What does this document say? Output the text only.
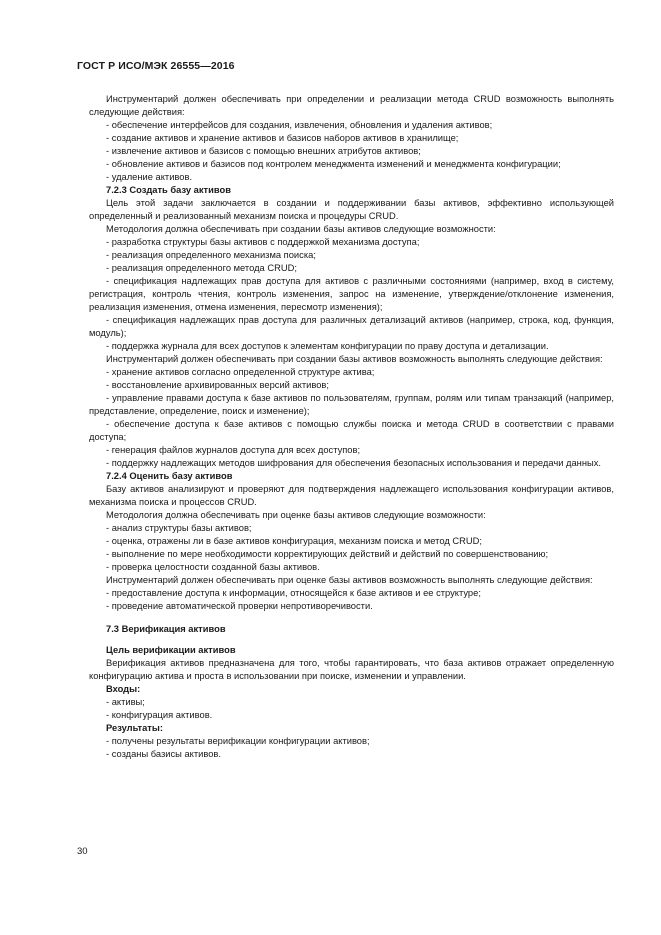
ГОСТ Р ИСО/МЭК 26555—2016

Инструментарий должен обеспечивать при определении и реализации метода CRUD возможность выполнять следующие действия:

- обеспечение интерфейсов для создания, извлечения, обновления и удаления активов;

- создание активов и хранение активов и базисов наборов активов в хранилище;

- извлечение активов и базисов с помощью внешних атрибутов активов;

- обновление активов и базисов под контролем менеджмента изменений и менеджмента конфигурации;

- удаление активов.

7.2.3 Создать базу активов

Цель этой задачи заключается в создании и поддерживании базы активов, эффективно использующей определенный и реализованный механизм поиска и процедуры CRUD.

Методология должна обеспечивать при создании базы активов следующие возможности:

- разработка структуры базы активов с поддержкой механизма доступа;

- реализация определенного механизма поиска;

- реализация определенного метода CRUD;

- спецификация надлежащих прав доступа для активов с различными состояниями (например, вход в систему, регистрация, контроль чтения, контроль изменения, запрос на изменение, утверждение/отклонение изменения, реализация изменения, отмена изменения, пересмотр изменения);

- спецификация надлежащих прав доступа для различных детализаций активов (например, строка, код, функция, модуль);

- поддержка журнала для всех доступов к элементам конфигурации по праву доступа и детализации.

Инструментарий должен обеспечивать при создании базы активов возможность выполнять следующие действия:

- хранение активов согласно определенной структуре актива;

- восстановление архивированных версий активов;

- управление правами доступа к базе активов по пользователям, группам, ролям или типам транзакций (например, представление, определение, поиск и изменение);

- обеспечение доступа к базе активов с помощью службы поиска и метода CRUD в соответствии с правами доступа;

- генерация файлов журналов доступа для всех доступов;

- поддержку надлежащих методов шифрования для обеспечения безопасных использования и передачи данных.

7.2.4 Оценить базу активов

Базу активов анализируют и проверяют для подтверждения надлежащего использования конфигурации активов, механизма поиска и процессов CRUD.

Методология должна обеспечивать при оценке базы активов следующие возможности:

- анализ структуры базы активов;

- оценка, отражены ли в базе активов конфигурация, механизм поиска и метод CRUD;

- выполнение по мере необходимости корректирующих действий и действий по совершенствованию;

- проверка целостности созданной базы активов.

Инструментарий должен обеспечивать при оценке базы активов возможность выполнять следующие действия:

- предоставление доступа к информации, относящейся к базе активов и ее структуре;

- проведение автоматической проверки непротиворечивости.

7.3 Верификация активов

Цель верификации активов

Верификация активов предназначена для того, чтобы гарантировать, что база активов отражает определенную конфигурацию актива и проста в использовании при поиске, изменении и управлении.

Входы:

- активы;

- конфигурация активов.

Результаты:

- получены результаты верификации конфигурации активов;

- созданы базисы активов.

30
